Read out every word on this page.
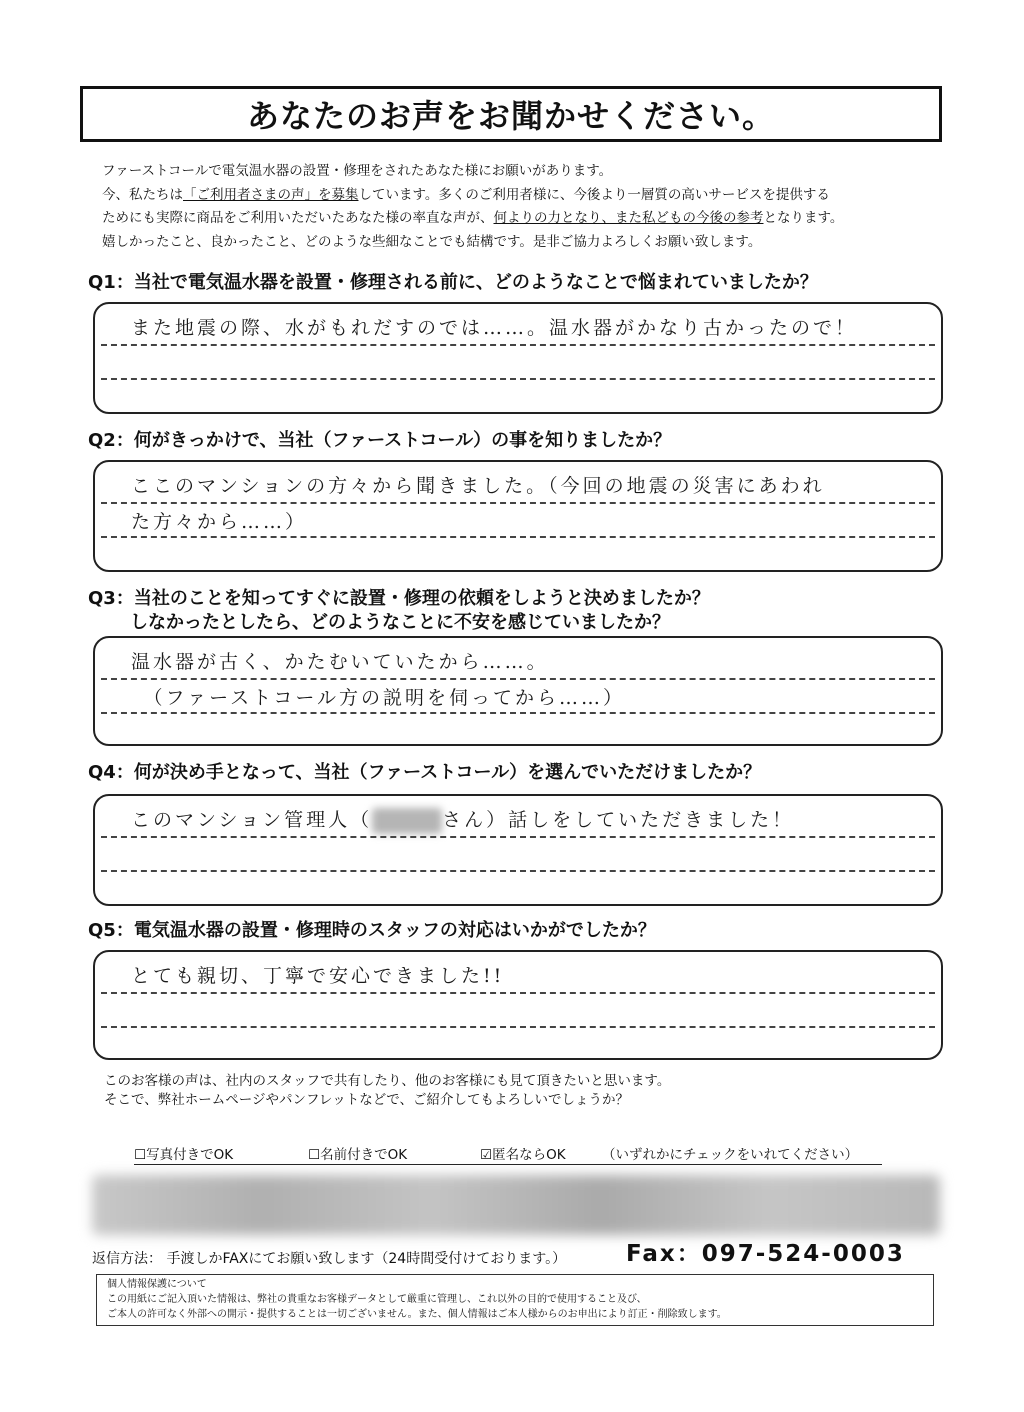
あなたのお声をお聞かせください。
ファーストコールで電気温水器の設置・修理をされたあなた様にお願いがあります。
今、私たちは「ご利用者さまの声」を募集しています。多くのご利用者様に、今後より一層質の高いサービスを提供する
ためにも実際に商品をご利用いただいたあなた様の率直な声が、何よりの力となり、また私どもの今後の参考となります。
嬉しかったこと、良かったこと、どのような些細なことでも結構です。是非ご協力よろしくお願い致します。
Q1：当社で電気温水器を設置・修理される前に、どのようなことで悩まれていましたか？
また地震の際、水がもれだすのでは……。温水器がかなり古かったので！
Q2：何がきっかけで、当社（ファーストコール）の事を知りましたか？
ここのマンションの方々から聞きました。（今回の地震の災害にあわれ
た方々から……）
Q3：当社のことを知ってすぐに設置・修理の依頼をしようと決めましたか？
しなかったとしたら、どのようなことに不安を感じていましたか？
温水器が古く、かたむいていたから……。
　（ファーストコール方の説明を伺ってから……）
Q4：何が決め手となって、当社（ファーストコール）を選んでいただけましたか？
このマンション管理人（	さん）話しをしていただきました！
Q5：電気温水器の設置・修理時のスタッフの対応はいかがでしたか？
とても親切、丁寧で安心できました!!
このお客様の声は、社内のスタッフで共有したり、他のお客様にも見て頂きたいと思います。
そこで、弊社ホームページやパンフレットなどで、ご紹介してもよろしいでしょうか？
☐写真付きでOK	☐名前付きでOK	☑匿名ならOK	（いずれかにチェックをいれてください）
返信方法： 手渡しかFAXにてお願い致します（24時間受付けております。）	Fax：097-524-0003
個人情報保護について
この用紙にご記入頂いた情報は、弊社の貴重なお客様データとして厳重に管理し、これ以外の目的で使用すること及び、
ご本人の許可なく外部への開示・提供することは一切ございません。また、個人情報はご本人様からのお申出により訂正・削除致します。
